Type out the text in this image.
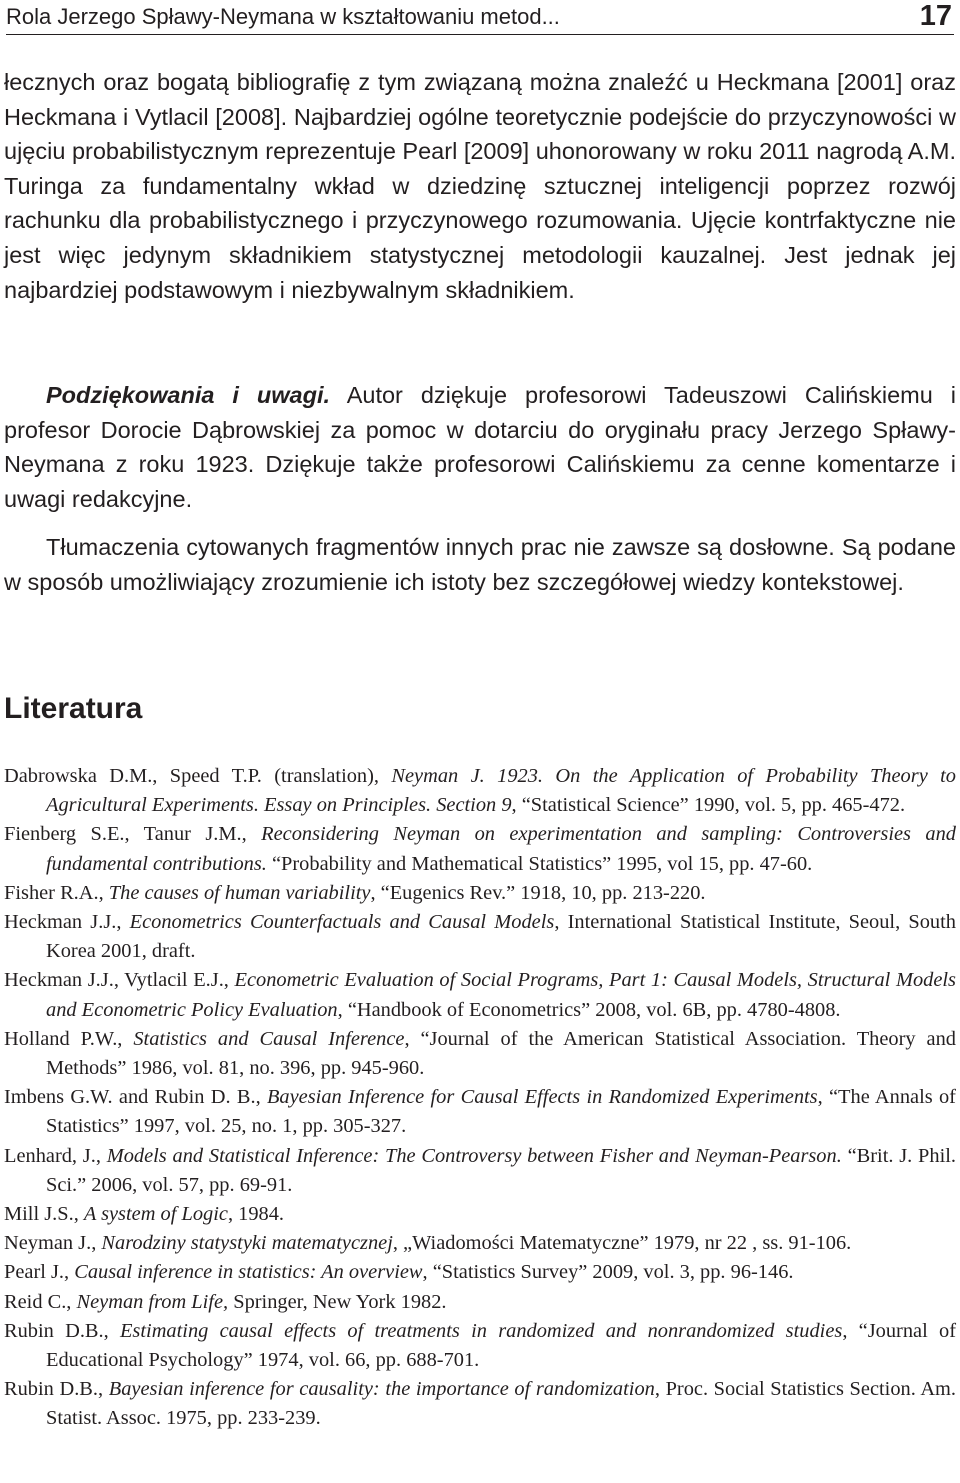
Rola Jerzego Spławy-Neymana w kształtowaniu metod...	17

łecznych oraz bogatą bibliografię z tym związaną można znaleźć u Heckmana [2001] oraz Heckmana i Vytlacil [2008]. Najbardziej ogólne teoretycznie podejście do przyczynowości w ujęciu probabilistycznym reprezentuje Pearl [2009] uhonorowany w roku 2011 nagrodą A.M. Turinga za fundamentalny wkład w dziedzinę sztucznej inteligencji poprzez rozwój rachunku dla probabilistycznego i przyczynowego rozumowania. Ujęcie kontrfaktyczne nie jest więc jedynym składnikiem statystycznej metodologii kauzalnej. Jest jednak jej najbardziej podstawowym i niezbywalnym składnikiem.

Podziękowania i uwagi. Autor dziękuje profesorowi Tadeuszowi Calińskiemu i profesor Dorocie Dąbrowskiej za pomoc w dotarciu do oryginału pracy Jerzego Spławy-Neymana z roku 1923. Dziękuje także profesorowi Calińskiemu za cenne komentarze i uwagi redakcyjne.

Tłumaczenia cytowanych fragmentów innych prac nie zawsze są dosłowne. Są podane w sposób umożliwiający zrozumienie ich istoty bez szczegółowej wiedzy kontekstowej.

Literatura
Dabrowska D.M., Speed T.P. (translation), Neyman J. 1923. On the Application of Probability Theory to Agricultural Experiments. Essay on Principles. Section 9, “Statistical Science” 1990, vol. 5, pp. 465-472.
Fienberg S.E., Tanur J.M., Reconsidering Neyman on experimentation and sampling: Controversies and fundamental contributions. “Probability and Mathematical Statistics” 1995, vol 15, pp. 47-60.
Fisher R.A., The causes of human variability, “Eugenics Rev.” 1918, 10, pp. 213-220.
Heckman J.J., Econometrics Counterfactuals and Causal Models, International Statistical Institute, Seoul, South Korea 2001, draft.
Heckman J.J., Vytlacil E.J., Econometric Evaluation of Social Programs, Part 1: Causal Models, Structural Models and Econometric Policy Evaluation, “Handbook of Econometrics” 2008, vol. 6B, pp. 4780-4808.
Holland P.W., Statistics and Causal Inference, “Journal of the American Statistical Association. Theory and Methods” 1986, vol. 81, no. 396, pp. 945-960.
Imbens G.W. and Rubin D. B., Bayesian Inference for Causal Effects in Randomized Experiments, “The Annals of Statistics” 1997, vol. 25, no. 1, pp. 305-327.
Lenhard, J., Models and Statistical Inference: The Controversy between Fisher and Neyman-Pearson. “Brit. J. Phil. Sci.” 2006, vol. 57, pp. 69-91.
Mill J.S., A system of Logic, 1984.
Neyman J., Narodziny statystyki matematycznej, „Wiadomości Matematyczne” 1979, nr 22 , ss. 91-106.
Pearl J., Causal inference in statistics: An overview, “Statistics Survey” 2009, vol. 3, pp. 96-146.
Reid C., Neyman from Life, Springer, New York 1982.
Rubin D.B., Estimating causal effects of treatments in randomized and nonrandomized studies, “Journal of Educational Psychology” 1974, vol. 66, pp. 688-701.
Rubin D.B., Bayesian inference for causality: the importance of randomization, Proc. Social Statistics Section. Am. Statist. Assoc. 1975, pp. 233-239.
